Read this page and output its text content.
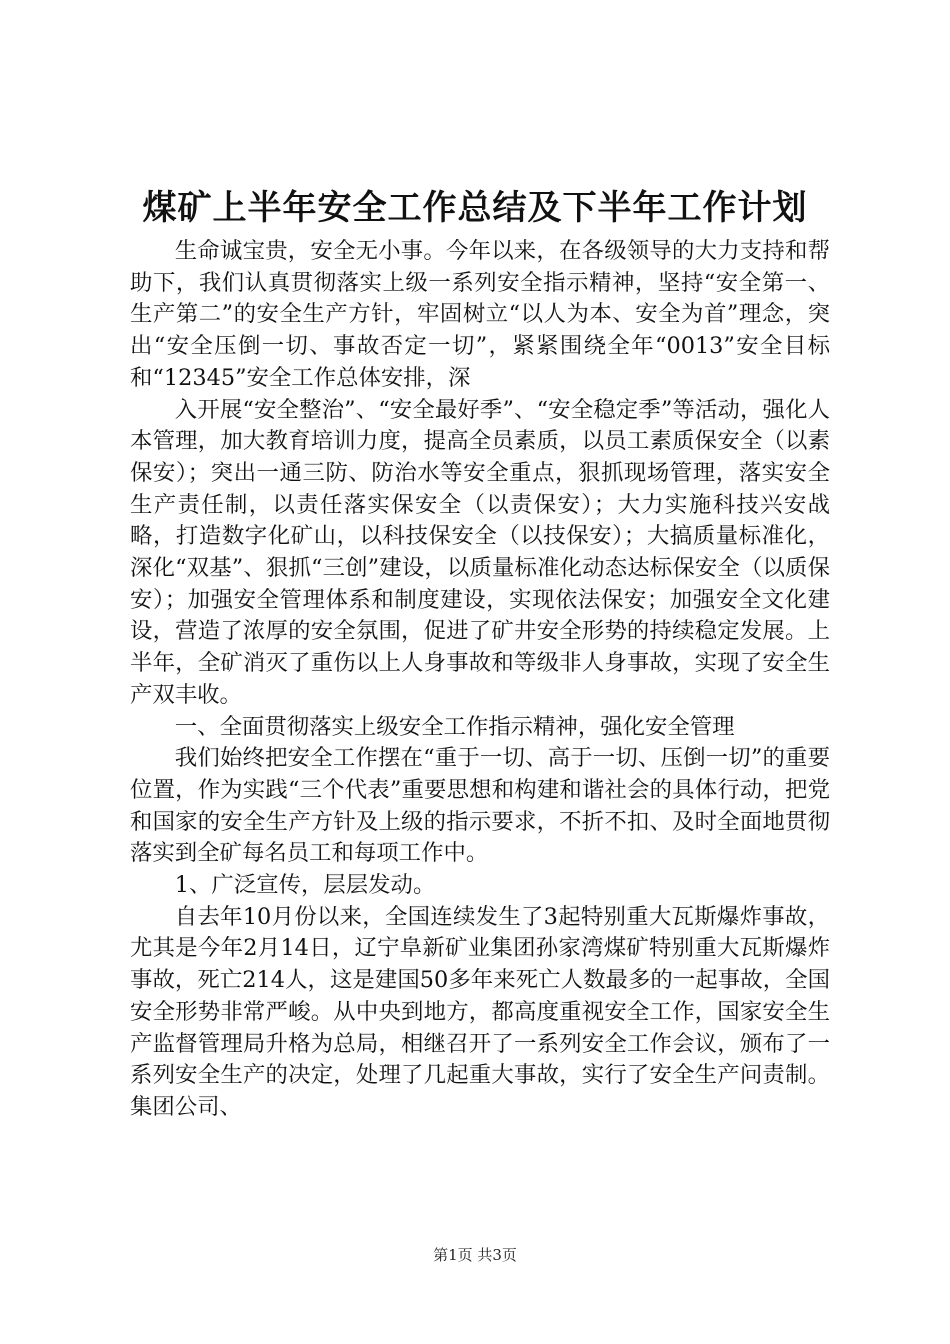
煤矿上半年安全工作总结及下半年工作计划

生命诚宝贵，安全无小事。今年以来，在各级领导的大力支持和帮助下，我们认真贯彻落实上级一系列安全指示精神，坚持“安全第一、生产第二”的安全生产方针，牢固树立“以人为本、安全为首”理念，突出“安全压倒一切、事故否定一切”，紧紧围绕全年“0013”安全目标和“12345”安全工作总体安排，深

入开展“安全整治”、“安全最好季”、“安全稳定季”等活动，强化人本管理，加大教育培训力度，提高全员素质，以员工素质保安全（以素保安）；突出一通三防、防治水等安全重点，狠抓现场管理，落实安全生产责任制，以责任落实保安全（以责保安）；大力实施科技兴安战略，打造数字化矿山，以科技保安全（以技保安）；大搞质量标准化，深化“双基”、狠抓“三创”建设，以质量标准化动态达标保安全（以质保安）；加强安全管理体系和制度建设，实现依法保安；加强安全文化建设，营造了浓厚的安全氛围，促进了矿井安全形势的持续稳定发展。上半年，全矿消灭了重伤以上人身事故和等级非人身事故，实现了安全生产双丰收。

一、全面贯彻落实上级安全工作指示精神，强化安全管理

我们始终把安全工作摆在“重于一切、高于一切、压倒一切”的重要位置，作为实践“三个代表”重要思想和构建和谐社会的具体行动，把党和国家的安全生产方针及上级的指示要求，不折不扣、及时全面地贯彻落实到全矿每名员工和每项工作中。

1、广泛宣传，层层发动。

自去年10月份以来，全国连续发生了3起特别重大瓦斯爆炸事故，尤其是今年2月14日，辽宁阜新矿业集团孙家湾煤矿特别重大瓦斯爆炸事故，死亡214人，这是建国50多年来死亡人数最多的一起事故，全国安全形势非常严峻。从中央到地方，都高度重视安全工作，国家安全生产监督管理局升格为总局，相继召开了一系列安全工作会议，颁布了一系列安全生产的决定，处理了几起重大事故，实行了安全生产问责制。集团公司、

第1页 共3页
